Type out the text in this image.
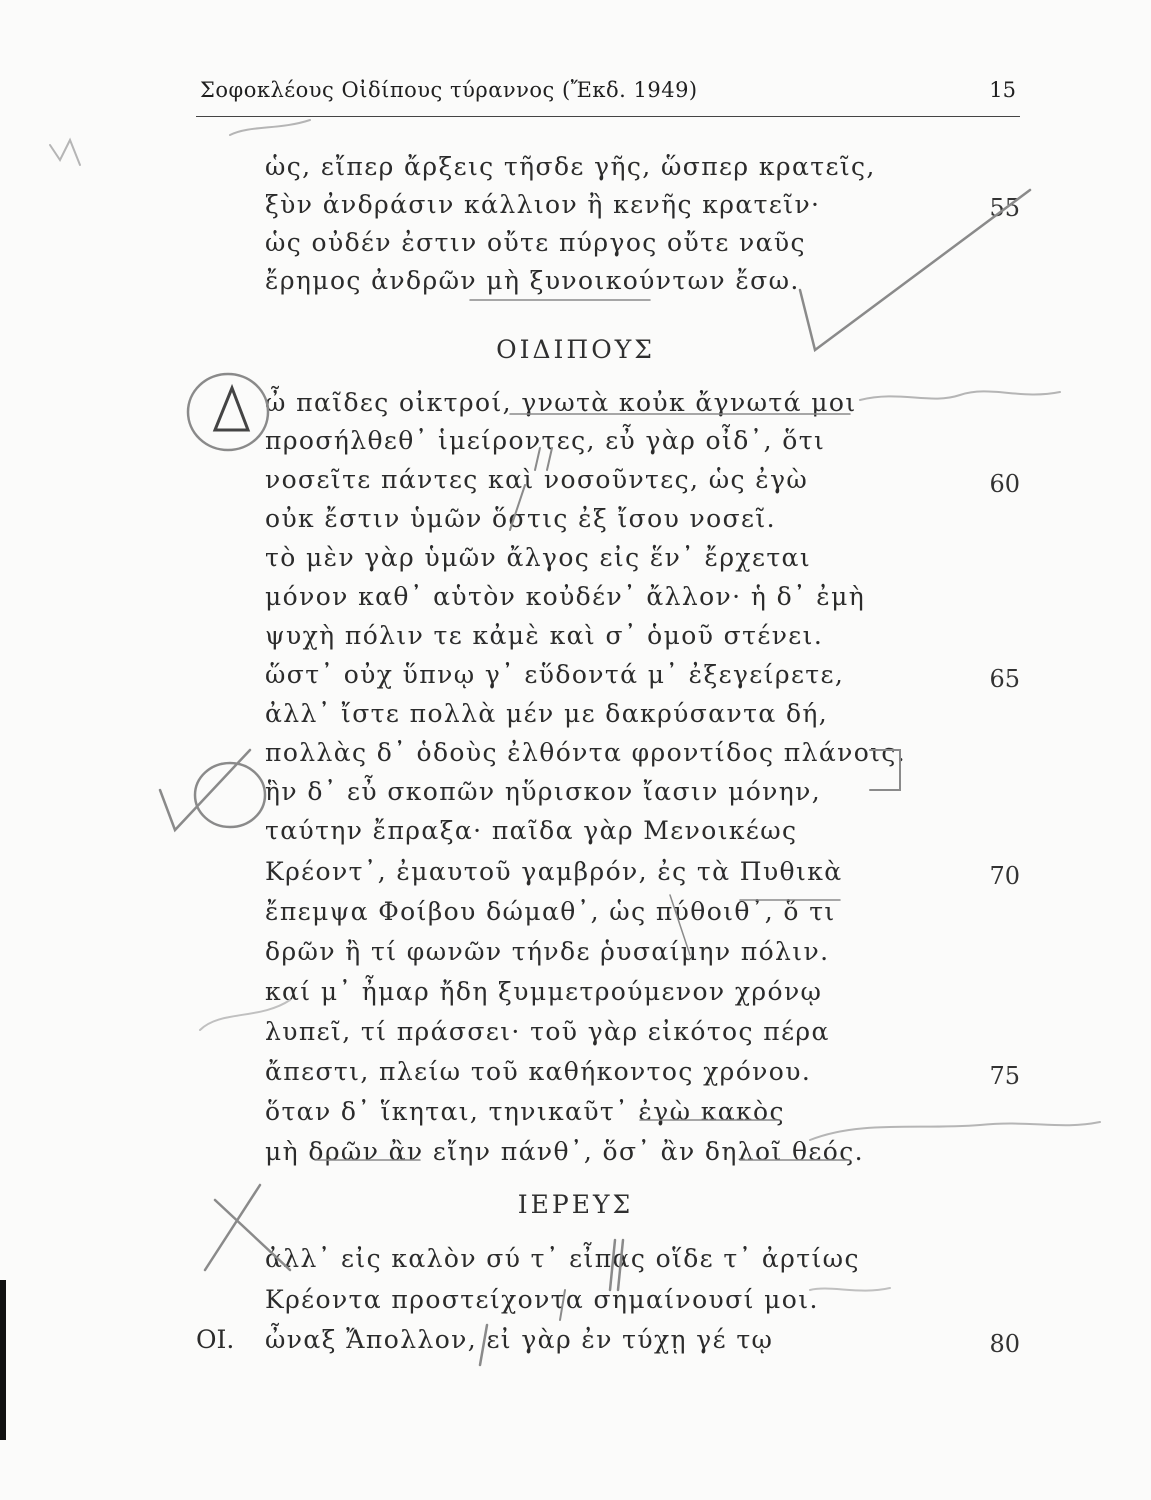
Σοφοκλέους Οἰδίπους τύραννος (Ἔκδ. 1949)	15
ὡς, εἴπερ ἄρξεις τῆσδε γῆς, ὥσπερ κρατεῖς,
ξὺν ἀνδράσιν κάλλιον ἢ κενῆς κρατεῖν·	55
ὡς οὐδέν ἐστιν οὔτε πύργος οὔτε ναῦς
ἔρημος ἀνδρῶν μὴ ξυνοικούντων ἔσω.
ΟΙΔΙΠΟΥΣ
ὦ παῖδες οἰκτροί, γνωτὰ κοὐκ ἄγνωτά μοι
προσήλθεθ᾽ ἱμείροντες, εὖ γὰρ οἶδ᾽, ὅτι
νοσεῖτε πάντες καὶ νοσοῦντες, ὡς ἐγὼ	60
οὐκ ἔστιν ὑμῶν ὅστις ἐξ ἴσου νοσεῖ.
τὸ μὲν γὰρ ὑμῶν ἄλγος εἰς ἕν᾽ ἔρχεται
μόνον καθ᾽ αὑτὸν κοὐδέν᾽ ἄλλον· ἡ δ᾽ ἐμὴ
ψυχὴ πόλιν τε κἀμὲ καὶ σ᾽ ὁμοῦ στένει.
ὥστ᾽ οὐχ ὕπνῳ γ᾽ εὕδοντά μ᾽ ἐξεγείρετε,	65
ἀλλ᾽ ἴστε πολλὰ μέν με δακρύσαντα δή,
πολλὰς δ᾽ ὁδοὺς ἐλθόντα φροντίδος πλάνοις.
ἣν δ᾽ εὖ σκοπῶν ηὕρισκον ἴασιν μόνην,
ταύτην ἔπραξα· παῖδα γὰρ Μενοικέως
Κρέοντ᾽, ἐμαυτοῦ γαμβρόν, ἐς τὰ Πυθικὰ	70
ἔπεμψα Φοίβου δώμαθ᾽, ὡς πύθοιθ᾽, ὅ τι
δρῶν ἢ τί φωνῶν τήνδε ῥυσαίμην πόλιν.
καί μ᾽ ἦμαρ ἤδη ξυμμετρούμενον χρόνῳ
λυπεῖ, τί πράσσει· τοῦ γὰρ εἰκότος πέρα
ἄπεστι, πλείω τοῦ καθήκοντος χρόνου.	75
ὅταν δ᾽ ἵκηται, τηνικαῦτ᾽ ἐγὼ κακὸς
μὴ δρῶν ἂν εἴην πάνθ᾽, ὅσ᾽ ἂν δηλοῖ θεός.
ΙΕΡΕΥΣ
ἀλλ᾽ εἰς καλὸν σύ τ᾽ εἶπας οἵδε τ᾽ ἀρτίως
Κρέοντα προστείχοντα σημαίνουσί μοι.
ΟΙ. ὦναξ Ἄπολλον, εἰ γὰρ ἐν τύχῃ γέ τῳ	80
